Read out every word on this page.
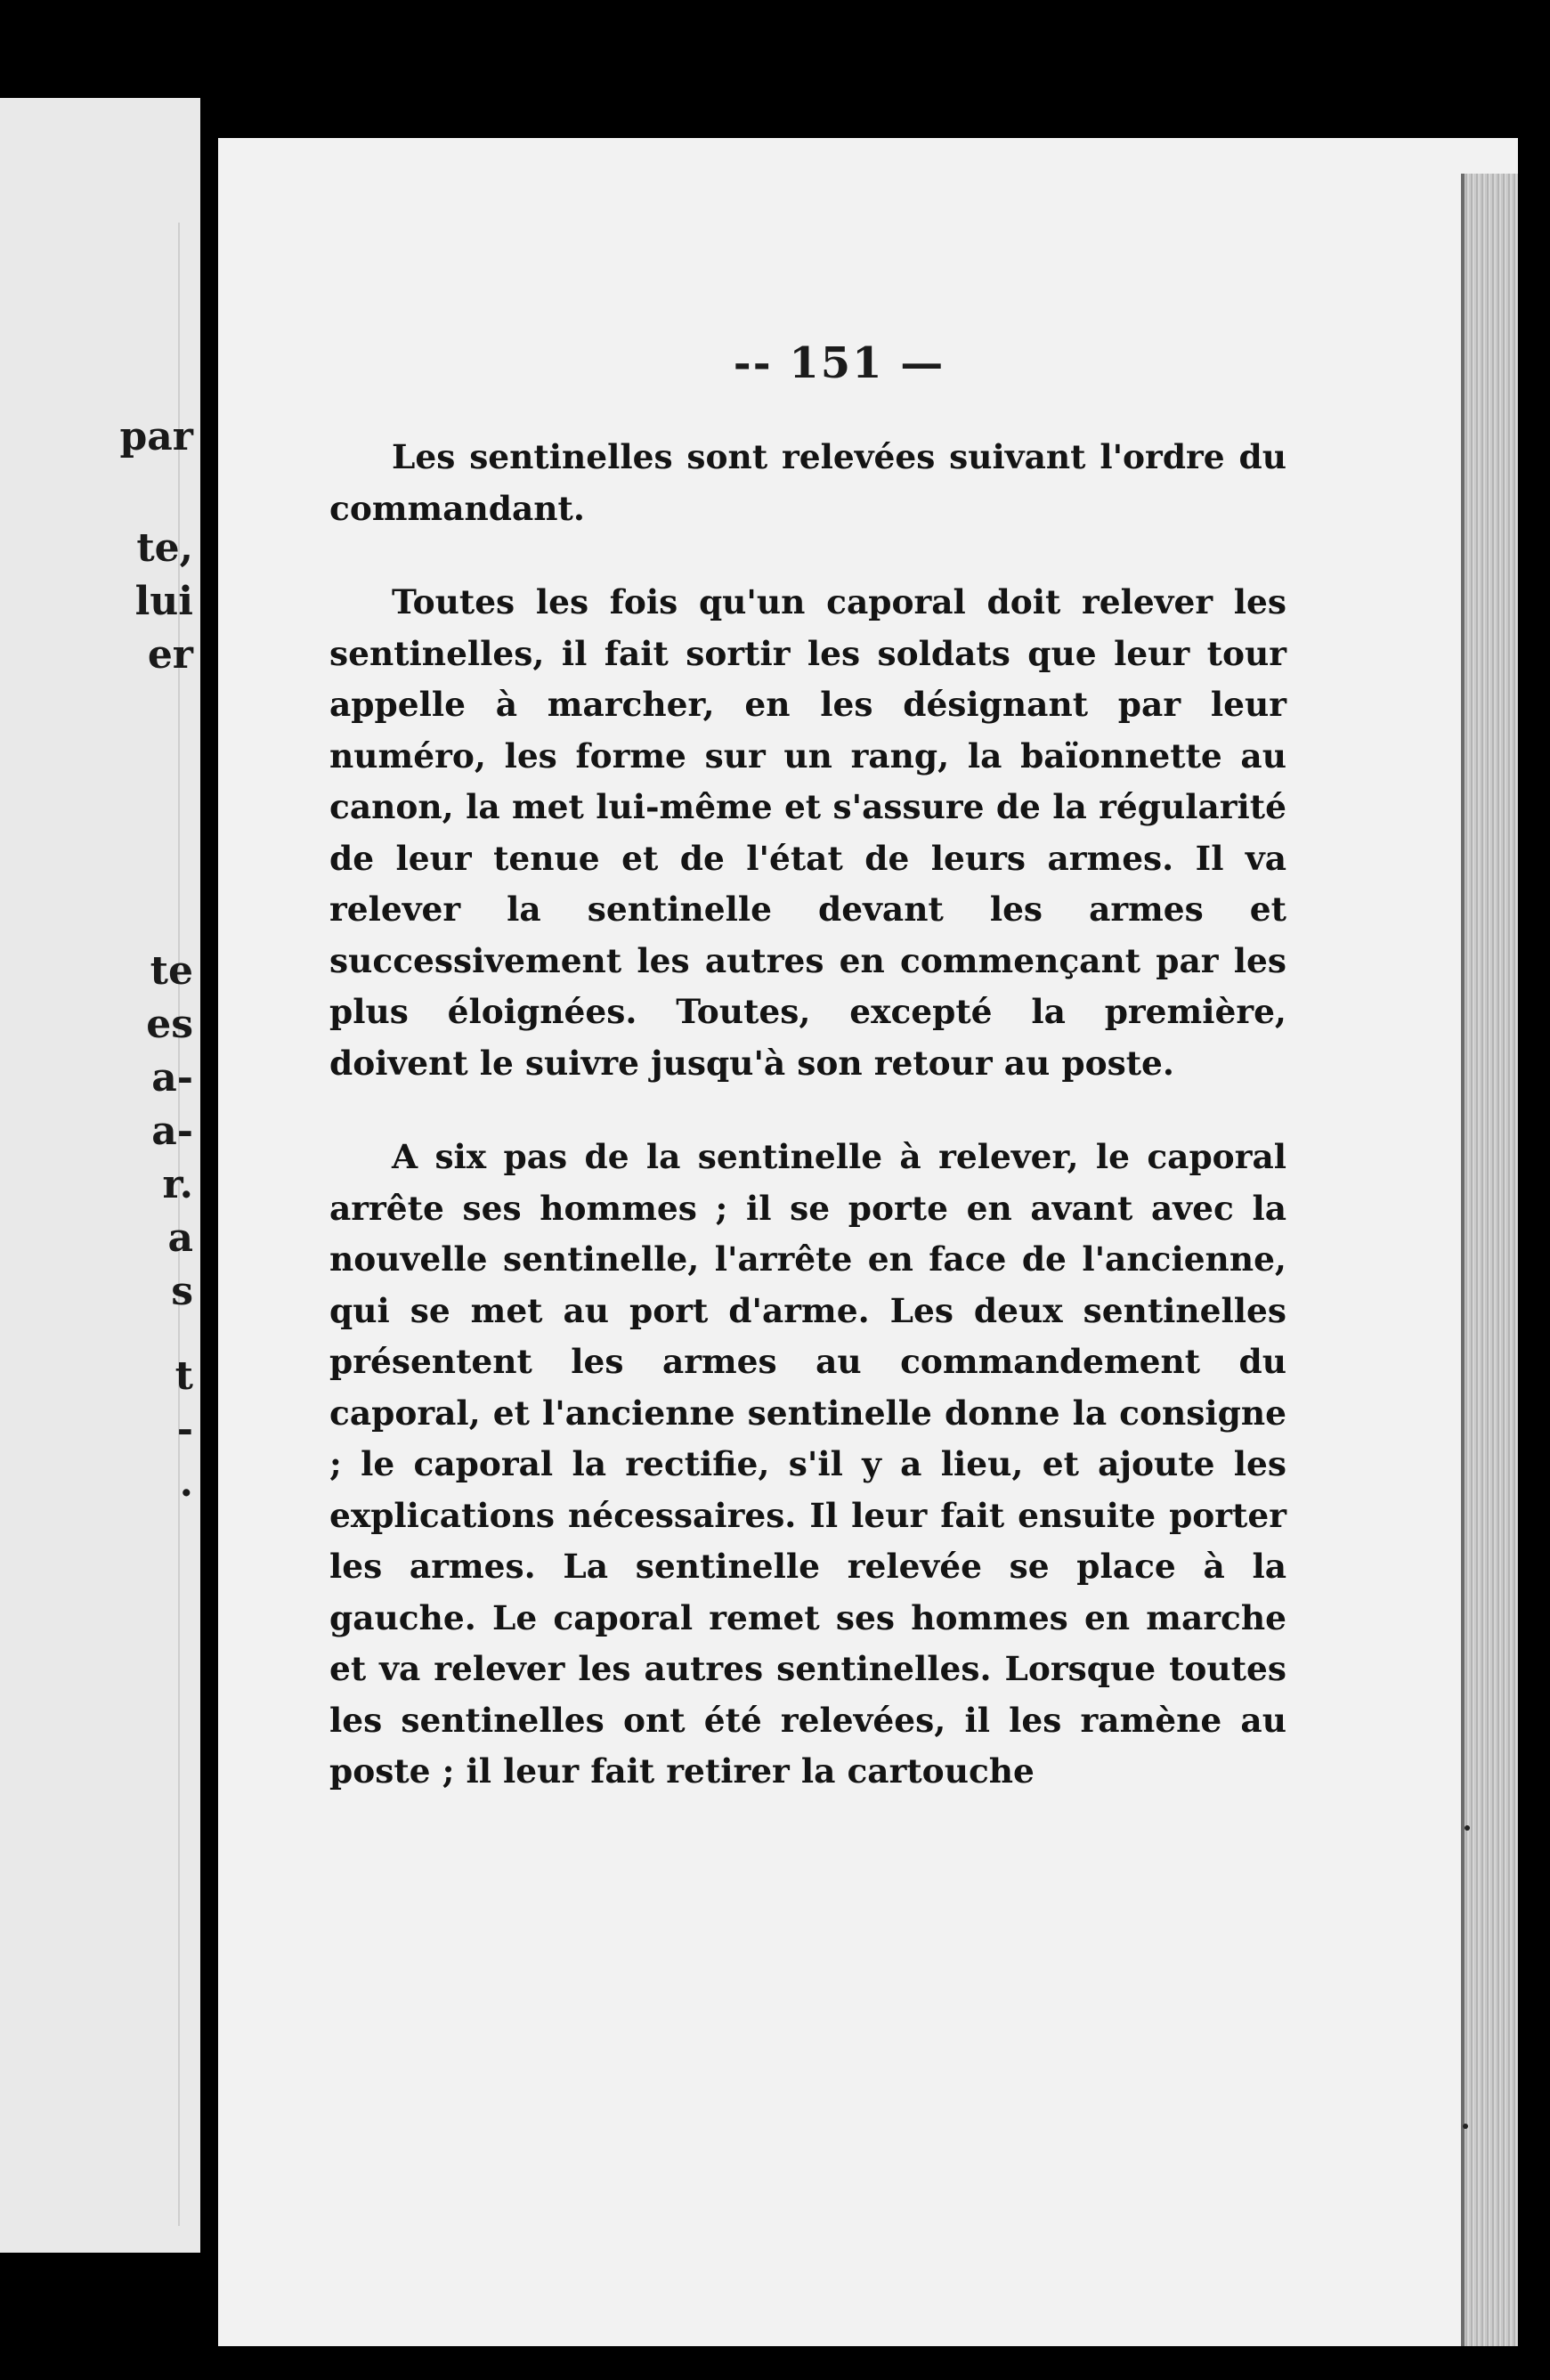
par
te,
lui
er
te
es
a-
a-
r.
a
s
t
-
.
-- 151 —

Les sentinelles sont relevées suivant l'ordre du commandant.

Toutes les fois qu'un caporal doit relever les sentinelles, il fait sortir les soldats que leur tour appelle à marcher, en les désignant par leur numéro, les forme sur un rang, la baïonnette au canon, la met lui-même et s'assure de la régularité de leur tenue et de l'état de leurs armes. Il va relever la sentinelle devant les armes et successivement les autres en commençant par les plus éloignées. Toutes, excepté la première, doivent le suivre jusqu'à son retour au poste.

A six pas de la sentinelle à relever, le caporal arrête ses hommes ; il se porte en avant avec la nouvelle sentinelle, l'arrête en face de l'ancienne, qui se met au port d'arme. Les deux sentinelles présentent les armes au commandement du caporal, et l'ancienne sentinelle donne la consigne ; le caporal la rectifie, s'il y a lieu, et ajoute les explications nécessaires. Il leur fait ensuite porter les armes. La sentinelle relevée se place à la gauche. Le caporal remet ses hommes en marche et va relever les autres sentinelles. Lorsque toutes les sentinelles ont été relevées, il les ramène au poste ; il leur fait retirer la cartouche
